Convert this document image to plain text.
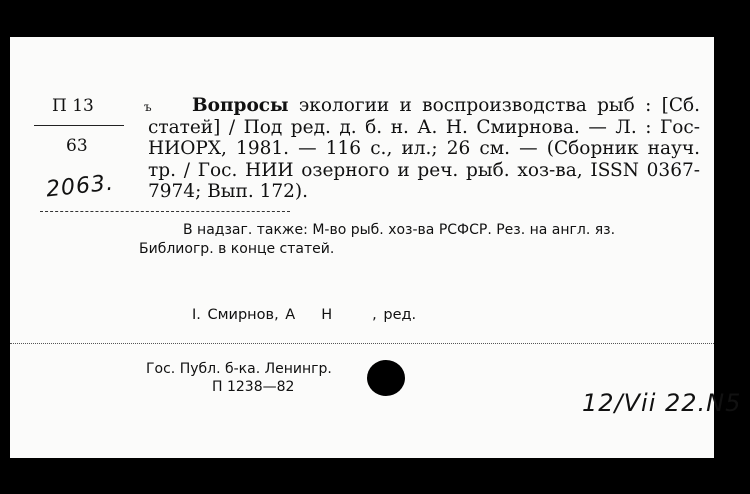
П 13
63
2063.
ъ	Вопросы экологии и воспроизводства рыб : [Сб.
статей] / Под ред. д. б. н. А. Н. Смирнова. — Л. : Гос-
НИОРХ, 1981. — 116 с., ил.; 26 см. — (Сборник науч.
тр. / Гос. НИИ озерного и реч. рыб. хоз-ва, ISSN 0367-
7974; Вып. 172).
В надзаг. также: М-во рыб. хоз-ва РСФСР. Рез. на англ. яз.
Библиогр. в конце статей.
I. Смирнов, А Н	, ред.
Гос. Публ. б-ка. Ленингр.
П 1238—82
12/Vii 22.N5
